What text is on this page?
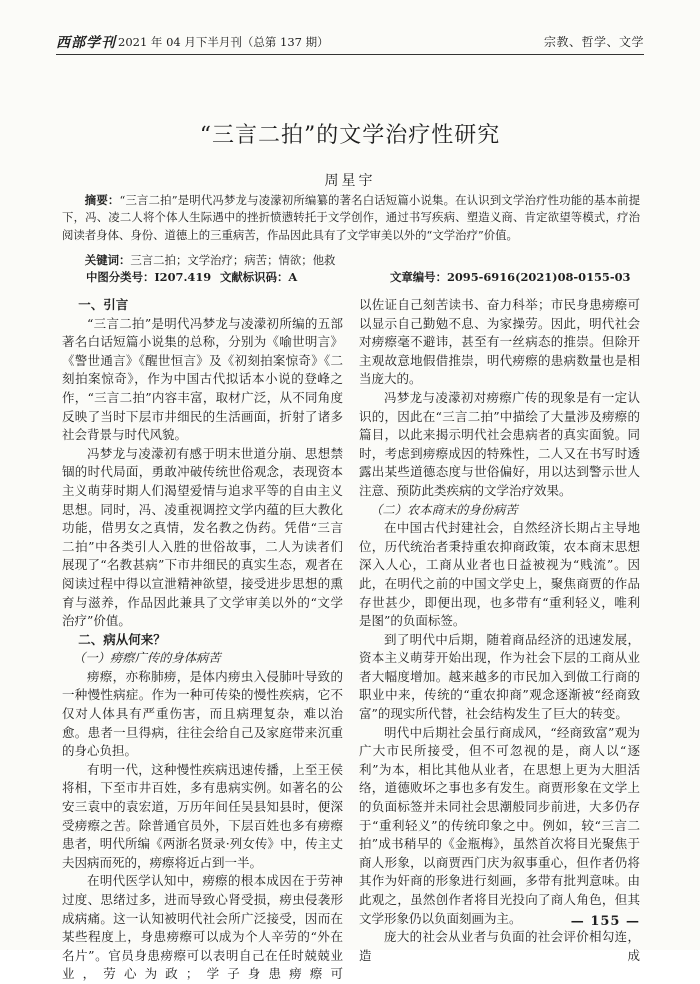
西部学刊 2021 年 04 月下半月刊（总第 137 期）	宗教、哲学、文学
“三言二拍”的文学治疗性研究
周星宇

摘要：“三言二拍”是明代冯梦龙与凌濛初所编纂的著名白话短篇小说集。在认识到文学治疗性功能的基本前提下，冯、凌二人将个体人生际遇中的挫折愤懑转托于文学创作，通过书写疾病、塑造义商、肯定欲望等模式，疗治阅读者身体、身份、道德上的三重病苦，作品因此具有了文学审美以外的“文学治疗”价值。

关键词：三言二拍；文学治疗；病苦；情欲；他救
中图分类号：I207.419 文献标识码：A	文章编号：2095-6916(2021)08-0155-03
一、引言

“三言二拍”是明代冯梦龙与凌濛初所编的五部著名白话短篇小说集的总称，分别为《喻世明言》《警世通言》《醒世恒言》及《初刻拍案惊奇》《二刻拍案惊奇》，作为中国古代拟话本小说的登峰之作，“三言二拍”内容丰富，取材广泛，从不同角度反映了当时下层市井细民的生活画面，折射了诸多社会背景与时代风貌。

冯梦龙与凌濛初有感于明末世道分崩、思想禁锢的时代局面，勇敢冲破传统世俗观念，表现资本主义萌芽时期人们渴望爱情与追求平等的自由主义思想。同时，冯、凌重视调控文学内蕴的巨大教化功能，借男女之真情，发名教之伪药。凭借“三言二拍”中各类引人入胜的世俗故事，二人为读者们展现了“名教甚病”下市井细民的真实生态，观者在阅读过程中得以宣泄精神欲望，接受进步思想的熏育与滋养，作品因此兼具了文学审美以外的“文学治疗”价值。

二、病从何来？
（一）痨瘵广传的身体病苦

痨瘵，亦称肺痨，是体内痨虫入侵肺叶导致的一种慢性病症。作为一种可传染的慢性疾病，它不仅对人体具有严重伤害，而且病理复杂，难以治愈。患者一旦得病，往往会给自己及家庭带来沉重的身心负担。

有明一代，这种慢性疾病迅速传播，上至王侯将相，下至市井百姓，多有患病实例。如著名的公安三袁中的袁宏道，万历年间任吴县知县时，便深受痨瘵之苦。除普通官员外，下层百姓也多有痨瘵患者，明代所编《两浙名贤录·列女传》中，传主丈夫因病而死的，痨瘵将近占到一半。

在明代医学认知中，痨瘵的根本成因在于劳神过度、思绪过多，进而导致心肾受损，痨虫侵袭形成病痛。这一认知被明代社会所广泛接受，因而在某些程度上，身患痨瘵可以成为个人辛劳的“外在名片”。官员身患痨瘵可以表明自己在任时兢兢业业，劳心为政；学子身患痨瘵可

以佐证自己刻苦读书、奋力科举；市民身患痨瘵可以显示自己勤勉不息、为家操劳。因此，明代社会对痨瘵毫不避讳，甚至有一丝病态的推崇。但除开主观故意地假借推崇，明代痨瘵的患病数量也是相当庞大的。

冯梦龙与凌濛初对痨瘵广传的现象是有一定认识的，因此在“三言二拍”中描绘了大量涉及痨瘵的篇目，以此来揭示明代社会患病者的真实面貌。同时，考虑到痨瘵成因的特殊性，二人又在书写时透露出某些道德态度与世俗偏好，用以达到警示世人注意、预防此类疾病的文学治疗效果。

（二）农本商末的身份病苦

在中国古代封建社会，自然经济长期占主导地位，历代统治者秉持重农抑商政策，农本商末思想深入人心，工商从业者也日益被视为“贱流”。因此，在明代之前的中国文学史上，聚焦商贾的作品存世甚少，即便出现，也多带有“重利轻义，唯利是图”的负面标签。

到了明代中后期，随着商品经济的迅速发展，资本主义萌芽开始出现，作为社会下层的工商从业者大幅度增加。越来越多的市民加入到做工行商的职业中来，传统的“重农抑商”观念逐渐被“经商致富”的现实所代替，社会结构发生了巨大的转变。

明代中后期社会虽行商成风，“经商致富”观为广大市民所接受，但不可忽视的是，商人以“逐利”为本，相比其他从业者，在思想上更为大胆活络，道德败坏之事也多有发生。商贾形象在文学上的负面标签并未同社会思潮般同步前进，大多仍存于“重利轻义”的传统印象之中。例如，较“三言二拍”成书稍早的《金瓶梅》，虽然首次将目光聚焦于商人形象，以商贾西门庆为叙事重心，但作者仍将其作为奸商的形象进行刻画，多带有批判意味。由此观之，虽然创作者将目光投向了商人角色，但其文学形象仍以负面刻画为主。

庞大的社会从业者与负面的社会评价相勾连，造成

— 155 —
